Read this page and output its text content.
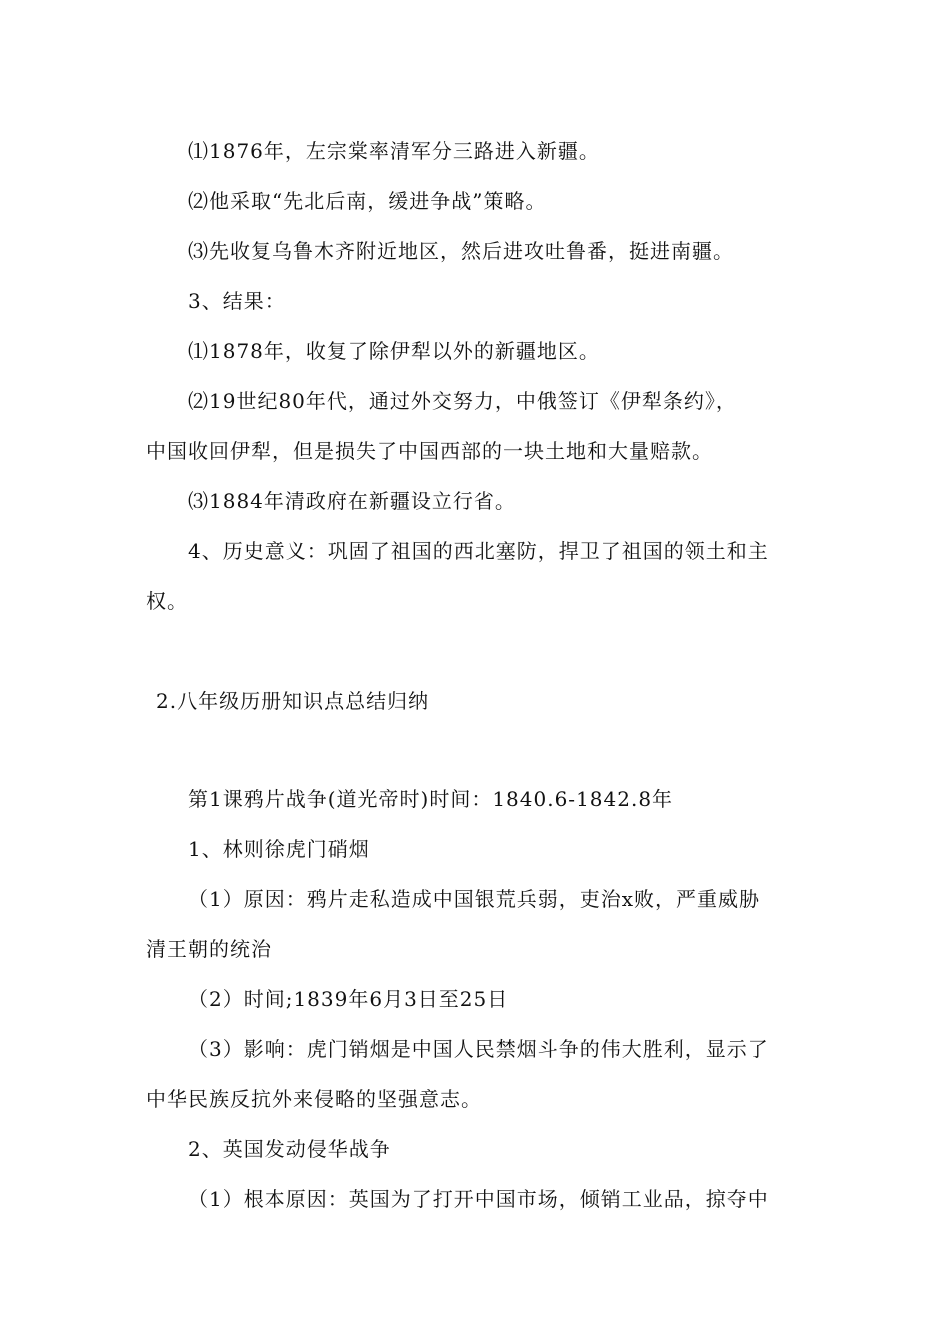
⑴1876年，左宗棠率清军分三路进入新疆。
⑵他采取“先北后南，缓进争战”策略。
⑶先收复乌鲁木齐附近地区，然后进攻吐鲁番，挺进南疆。
3、结果：
⑴1878年，收复了除伊犁以外的新疆地区。
⑵19世纪80年代，通过外交努力，中俄签订《伊犁条约》，
中国收回伊犁，但是损失了中国西部的一块土地和大量赔款。
⑶1884年清政府在新疆设立行省。
4、历史意义：巩固了祖国的西北塞防，捍卫了祖国的领土和主
权。
2.八年级历册知识点总结归纳
第1课鸦片战争(道光帝时)时间：1840.6-1842.8年
1、林则徐虎门硝烟
（1）原因：鸦片走私造成中国银荒兵弱，吏治x败，严重威胁
清王朝的统治
（2）时间;1839年6月3日至25日
（3）影响：虎门销烟是中国人民禁烟斗争的伟大胜利，显示了
中华民族反抗外来侵略的坚强意志。
2、英国发动侵华战争
（1）根本原因：英国为了打开中国市场，倾销工业品，掠夺中
